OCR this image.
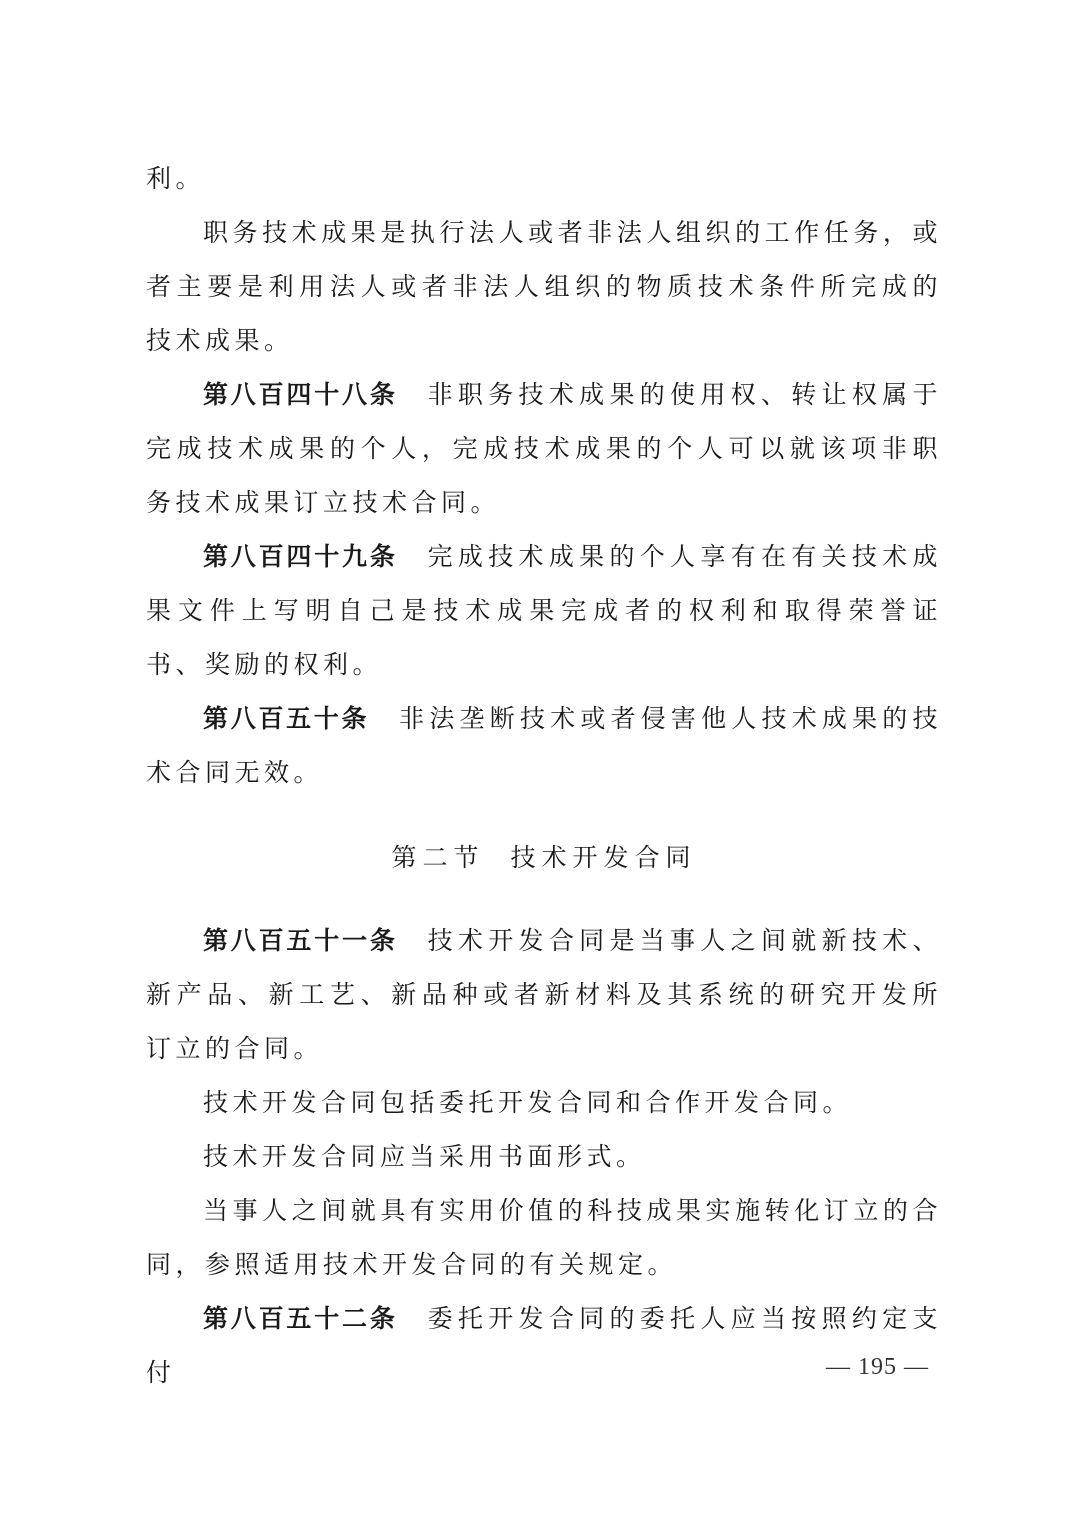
利。

职务技术成果是执行法人或者非法人组织的工作任务，或者主要是利用法人或者非法人组织的物质技术条件所完成的技术成果。

第八百四十八条 非职务技术成果的使用权、转让权属于完成技术成果的个人，完成技术成果的个人可以就该项非职务技术成果订立技术合同。

第八百四十九条 完成技术成果的个人享有在有关技术成果文件上写明自己是技术成果完成者的权利和取得荣誉证书、奖励的权利。

第八百五十条 非法垄断技术或者侵害他人技术成果的技术合同无效。

第二节 技术开发合同

第八百五十一条 技术开发合同是当事人之间就新技术、新产品、新工艺、新品种或者新材料及其系统的研究开发所订立的合同。

技术开发合同包括委托开发合同和合作开发合同。

技术开发合同应当采用书面形式。

当事人之间就具有实用价值的科技成果实施转化订立的合同，参照适用技术开发合同的有关规定。

第八百五十二条 委托开发合同的委托人应当按照约定支付	— 195 —
